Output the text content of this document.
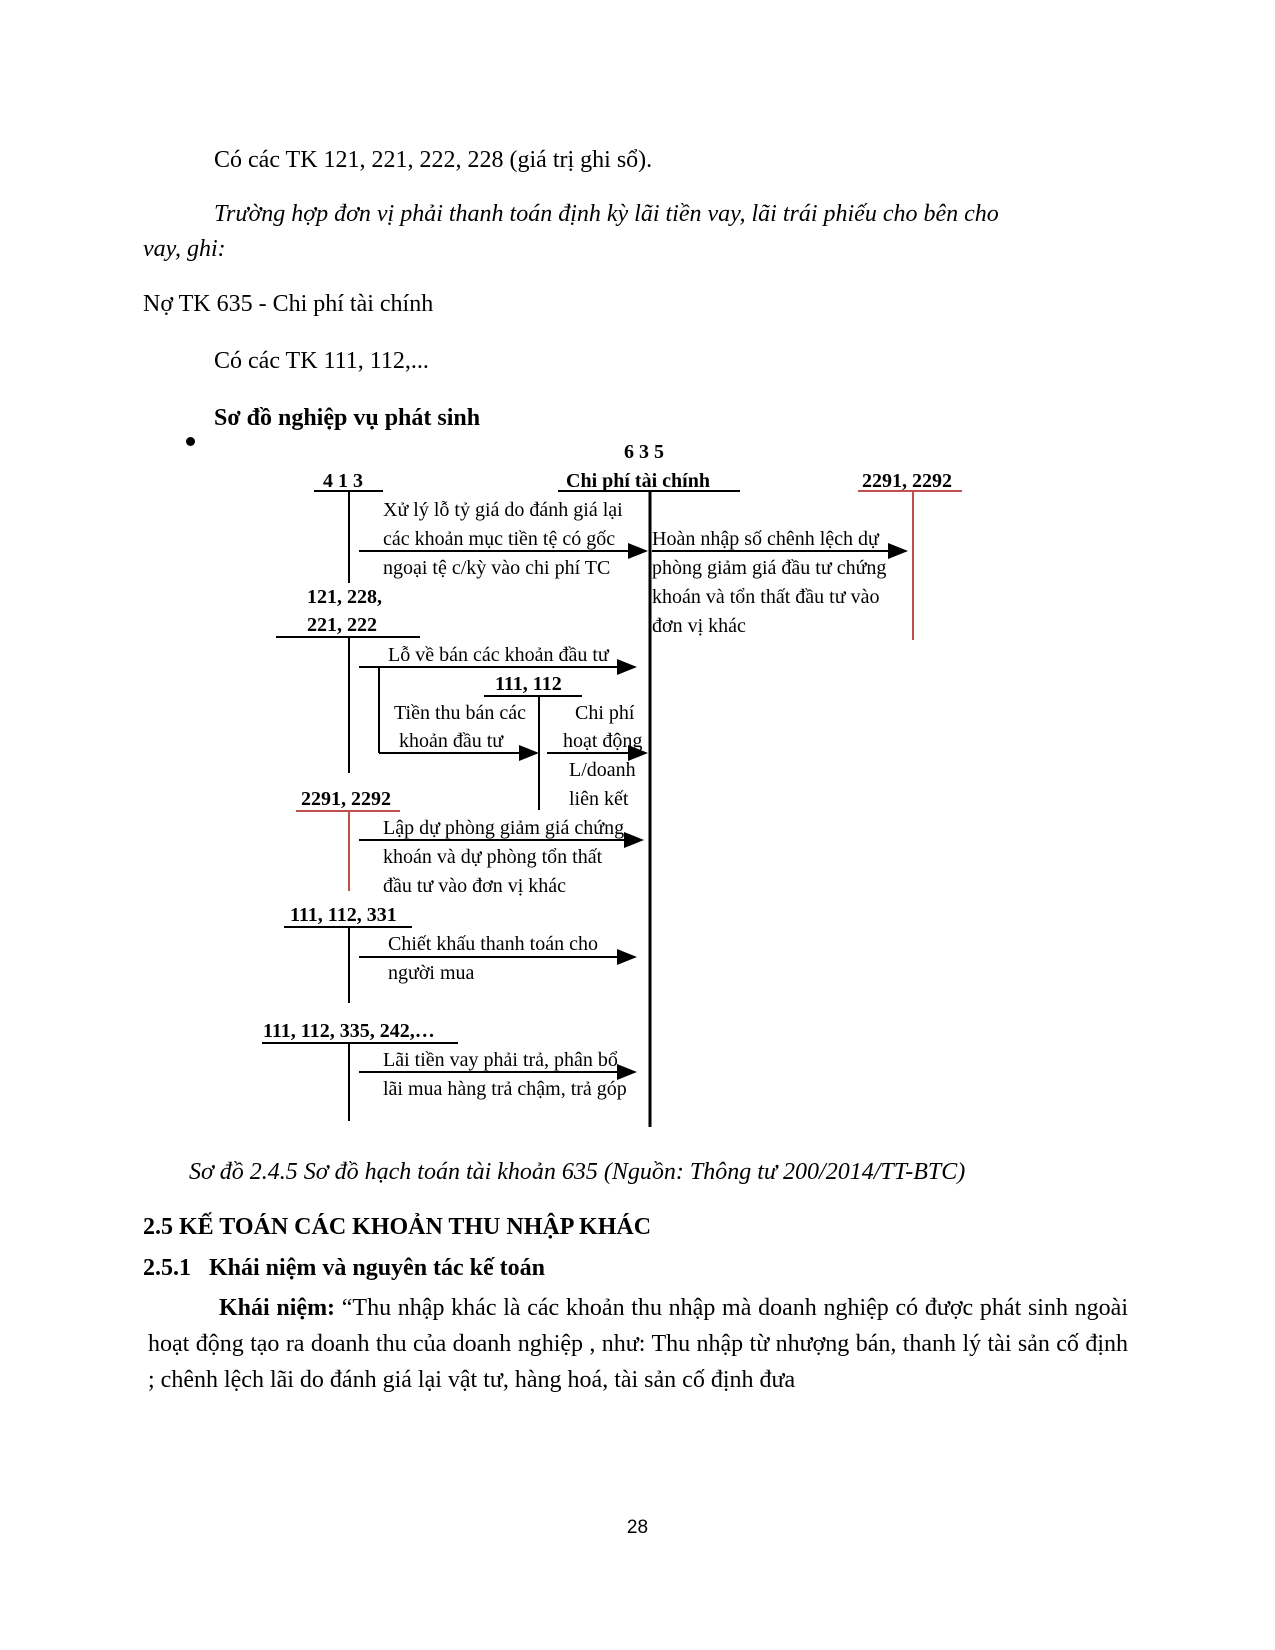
Có các TK 121, 221, 222, 228 (giá trị ghi sổ).
Trường hợp đơn vị phải thanh toán định kỳ lãi tiền vay, lãi trái phiếu cho bên cho
vay, ghi:
Nợ TK 635 - Chi phí tài chính
Có các TK 111, 112,...
Sơ đồ nghiệp vụ phát sinh
6 3 5
Chi phí tài chính
4 1 3
Xử lý lỗ tỷ giá do đánh giá lại
các khoản mục tiền tệ có gốc
ngoại tệ c/kỳ vào chi phí TC
2291, 2292
Hoàn nhập số chênh lệch dự
phòng giảm giá đầu tư chứng
khoán và tổn thất đầu tư vào
đơn vị khác
121, 228,
221, 222
Lỗ về bán các khoản đầu tư
Tiền thu bán các
khoản đầu tư
111, 112
Chi phí
hoạt động
L/doanh
liên kết
2291, 2292
Lập dự phòng giảm giá chứng
khoán và dự phòng tổn thất
đầu tư vào đơn vị khác
111, 112, 331
Chiết khấu thanh toán cho
người mua
111, 112, 335, 242,…
Lãi tiền vay phải trả, phân bổ
lãi mua hàng trả chậm, trả góp
Sơ đồ 2.4.5 Sơ đồ hạch toán tài khoản 635 (Nguồn: Thông tư 200/2014/TT-BTC)
2.5 KẾ TOÁN CÁC KHOẢN THU NHẬP KHÁC
2.5.1   Khái niệm và nguyên tác kế toán
Khái niệm: “Thu nhập khác là các khoản thu nhập mà doanh nghiệp có được phát sinh ngoài hoạt động tạo ra doanh thu của doanh nghiệp , như: Thu nhập từ nhượng bán, thanh lý tài sản cố định ; chênh lệch lãi do đánh giá lại vật tư, hàng hoá, tài sản cố định đưa
28
